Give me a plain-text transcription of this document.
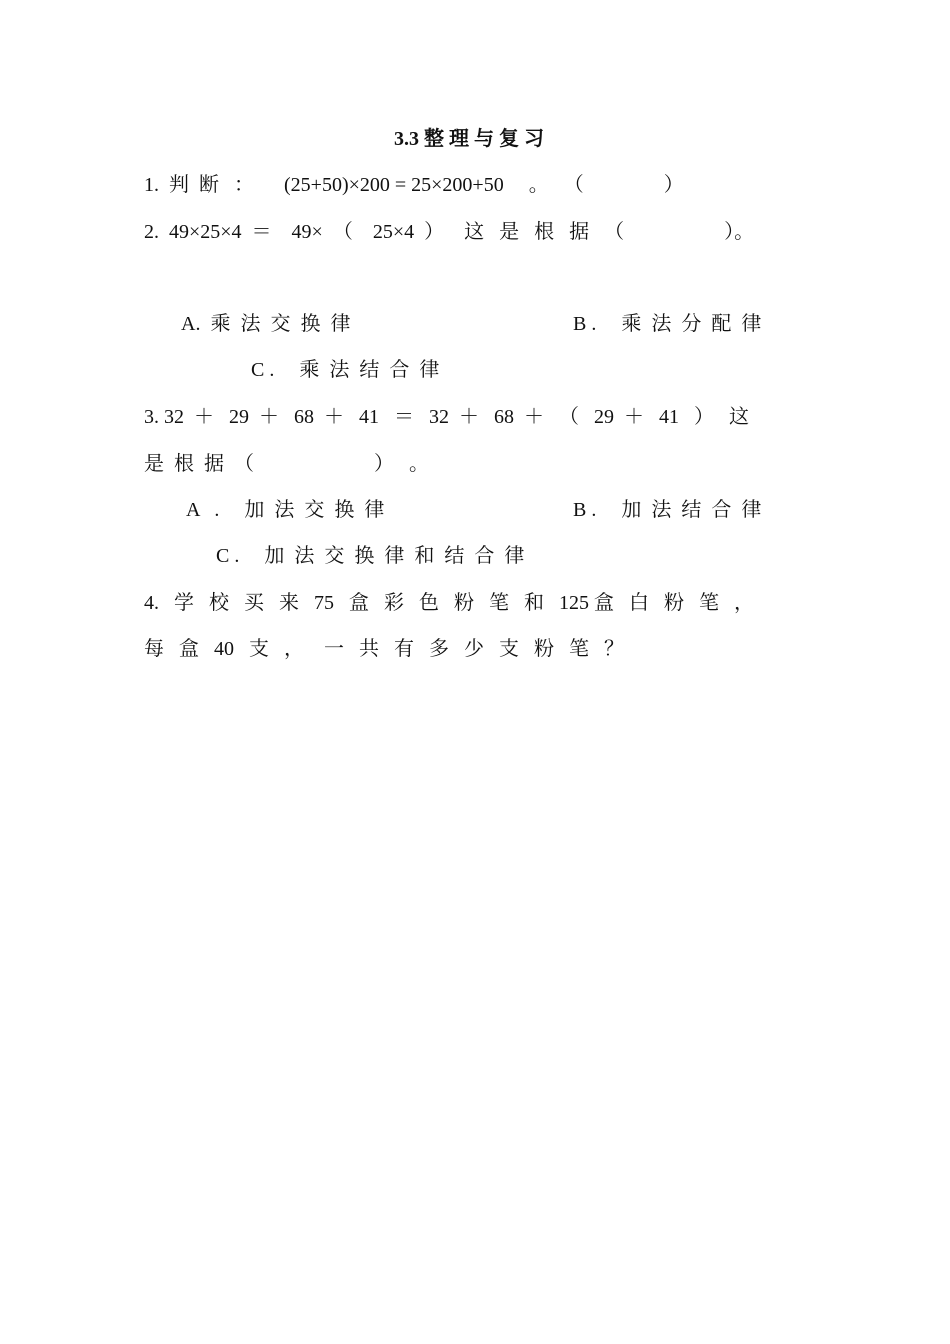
3.3 整 理 与 复 习
1.  判  断   ：      (25+50)×200 = 25×200+50     。   （                ）
2.  49×25×4  ＝    49×  （    25×4  ）    这   是   根   据   （                    ）。
A.  乘  法  交  换  律	B .     乘  法  分  配  律
C .     乘  法  结  合  律
3. 32  ＋   29  ＋   68  ＋   41   ＝   32  ＋   68  ＋   （   29  ＋   41   ）   这
是  根  据  （                        ）   。
A   .     加  法  交  换  律	B .     加  法  结  合  律
C .     加  法  交  换  律  和  结  合  律
4.   学   校   买   来   75   盒   彩   色   粉   笔   和   125 盒   白   粉   笔   ，
每   盒   40   支   ，    一   共   有   多   少   支   粉   笔   ？
